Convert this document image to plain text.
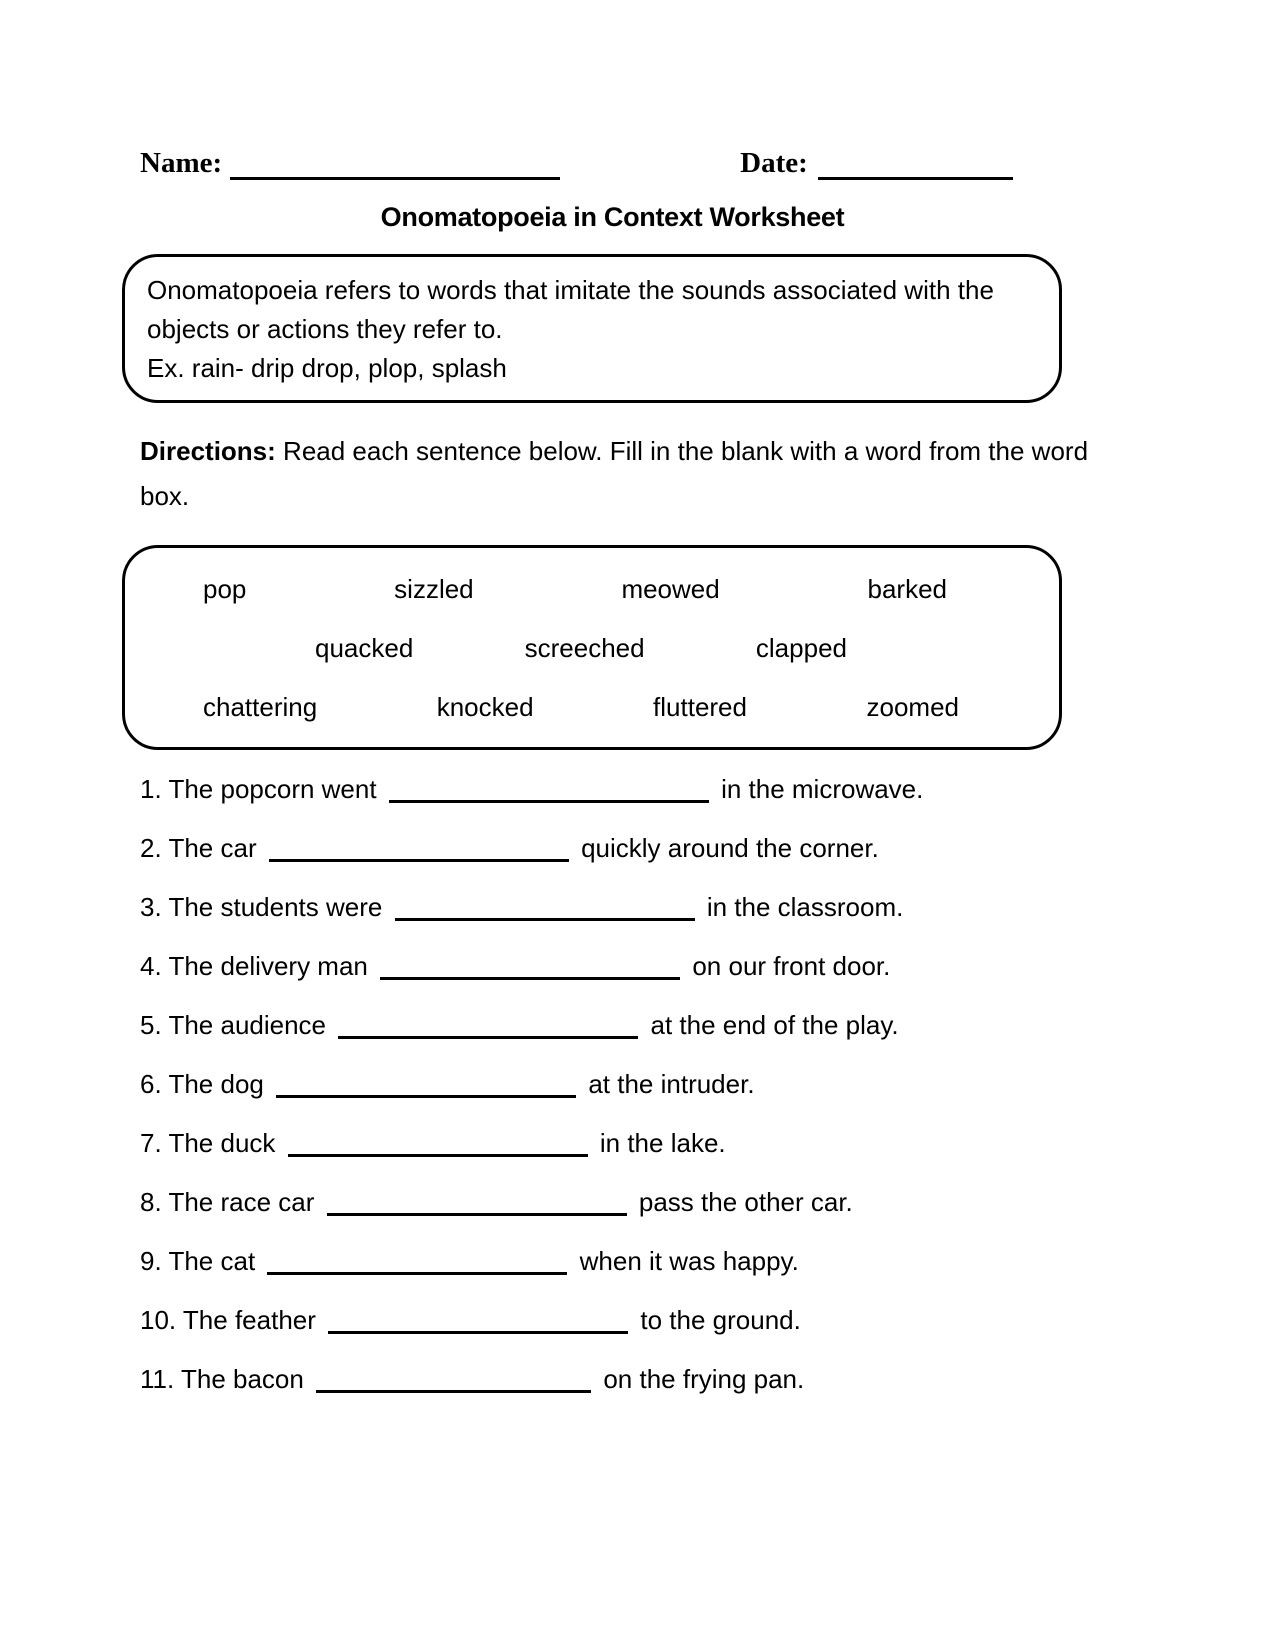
Name:	Date:
Onomatopoeia in Context Worksheet
Onomatopoeia refers to words that imitate the sounds associated with the
objects or actions they refer to.
Ex. rain- drip drop, plop, splash
Directions: Read each sentence below. Fill in the blank with a word from the word box.
pop	sizzled	meowed	barked
quacked	screeched	clapped
chattering	knocked	fluttered	zoomed
1. The popcorn went	in the microwave.
2. The car	quickly around the corner.
3. The students were	in the classroom.
4. The delivery man	on our front door.
5. The audience	at the end of the play.
6. The dog	at the intruder.
7. The duck	in the lake.
8. The race car	pass the other car.
9. The cat	when it was happy.
10. The feather	to the ground.
11. The bacon	on the frying pan.
